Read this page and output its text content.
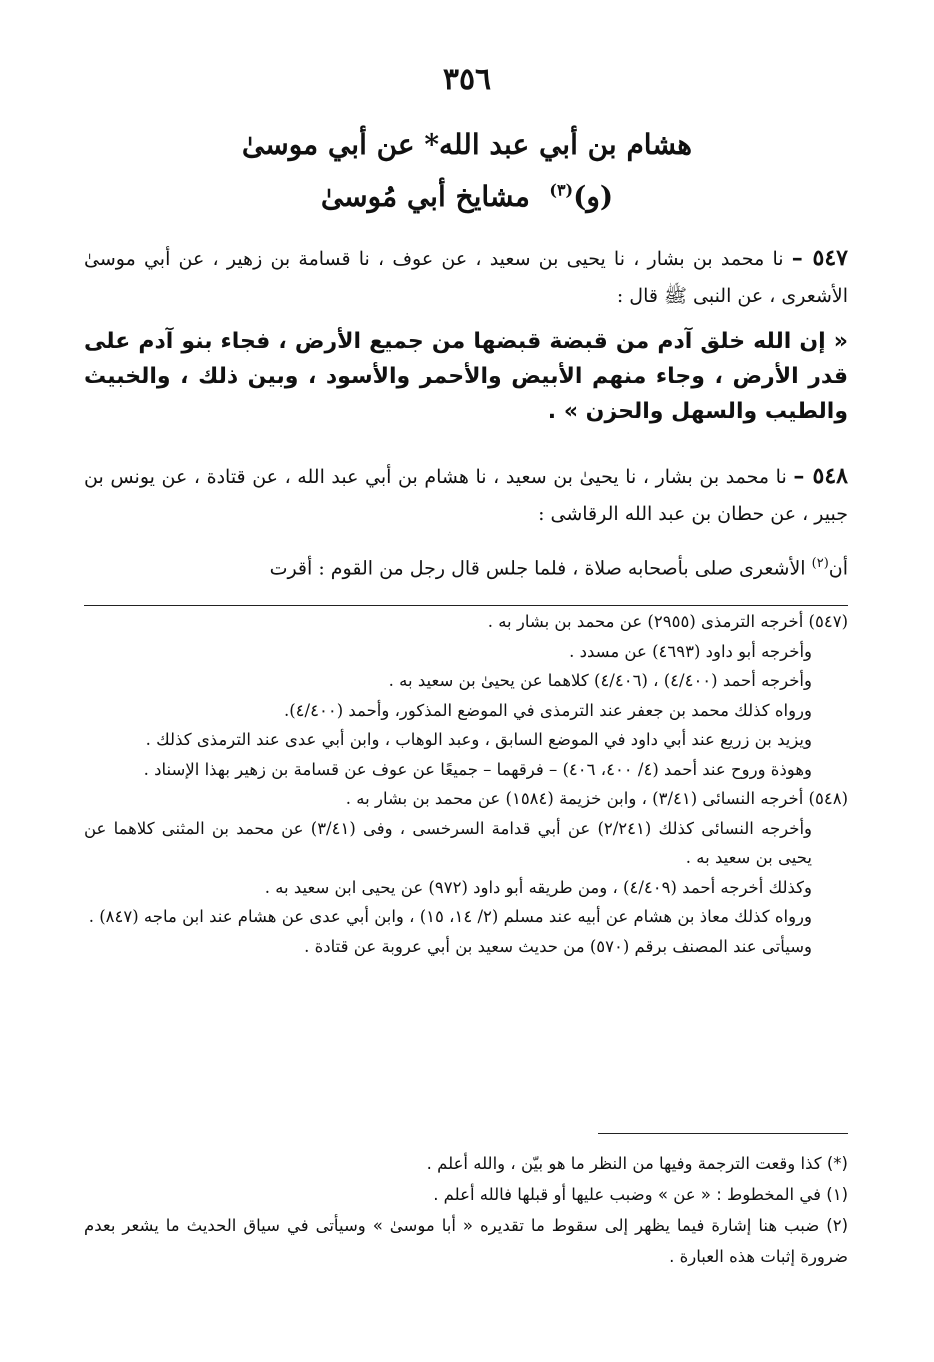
٣٥٦
هشام بن أبي عبد الله* عن أبي موسىٰ
(و)$^{(٣)}$  مشايخ أبي مُوسىٰ
٥٤٧ – نا محمد بن بشار ، نا يحيى بن سعيد ، عن عوف ، نا قسامة بن زهير ، عن أبي موسىٰ الأشعرى ، عن النبى ﷺ قال :
« إن الله خلق آدم من قبضة قبضها من جميع الأرض ، فجاء بنو آدم على قدر الأرض ، وجاء منهم الأبيض والأحمر والأسود ، وبين ذلك ، والخبيث والطيب والسهل والحزن » .
٥٤٨ – نا محمد بن بشار ، نا يحيىٰ بن سعيد ، نا هشام بن أبي عبد الله ، عن قتادة ، عن يونس بن جبير ، عن حطان بن عبد الله الرقاشى :
أن$^{(٢)}$ الأشعرى صلى بأصحابه صلاة ، فلما جلس قال رجل من القوم : أقرت

(٥٤٧) أخرجه الترمذى (٢٩٥٥) عن محمد بن بشار به .

وأخرجه أبو داود (٤٦٩٣) عن مسدد .

وأخرجه أحمد (٤/٤٠٠) ، (٤/٤٠٦) كلاهما عن يحيىٰ بن سعيد به .

ورواه كذلك محمد بن جعفر عند الترمذى في الموضع المذكور، وأحمد (٤/٤٠٠).

ويزيد بن زريع عند أبي داود في الموضع السابق ، وعبد الوهاب ، وابن أبي عدى عند الترمذى كذلك .

وهوذة وروح عند أحمد (٤/ ٤٠٠، ٤٠٦) – فرقهما – جميعًا عن عوف عن قسامة بن زهير بهذا الإسناد .

(٥٤٨) أخرجه النسائى (٣/٤١) ، وابن خزيمة (١٥٨٤) عن محمد بن بشار به .

وأخرجه النسائى كذلك (٢/٢٤١) عن أبي قدامة السرخسى ، وفى (٣/٤١) عن محمد بن المثنى كلاهما عن يحيى بن سعيد به .

وكذلك أخرجه أحمد (٤/٤٠٩) ، ومن طريقه أبو داود (٩٧٢) عن يحيى ابن سعيد به .

ورواه كذلك معاذ بن هشام عن أبيه عند مسلم (٢/ ١٤، ١٥) ، وابن أبي عدى عن هشام عند ابن ماجه (٨٤٧) .

وسيأتى عند المصنف برقم (٥٧٠) من حديث سعيد بن أبي عروبة عن قتادة .

(*) كذا وقعت الترجمة وفيها من النظر ما هو بيّن ، والله أعلم .

(١) في المخطوط : « عن » وضبب عليها أو قبلها فالله أعلم .

(٢) ضبب هنا إشارة فيما يظهر إلى سقوط ما تقديره « أبا موسىٰ » وسيأتى في سياق الحديث ما يشعر بعدم ضرورة إثبات هذه العبارة .
